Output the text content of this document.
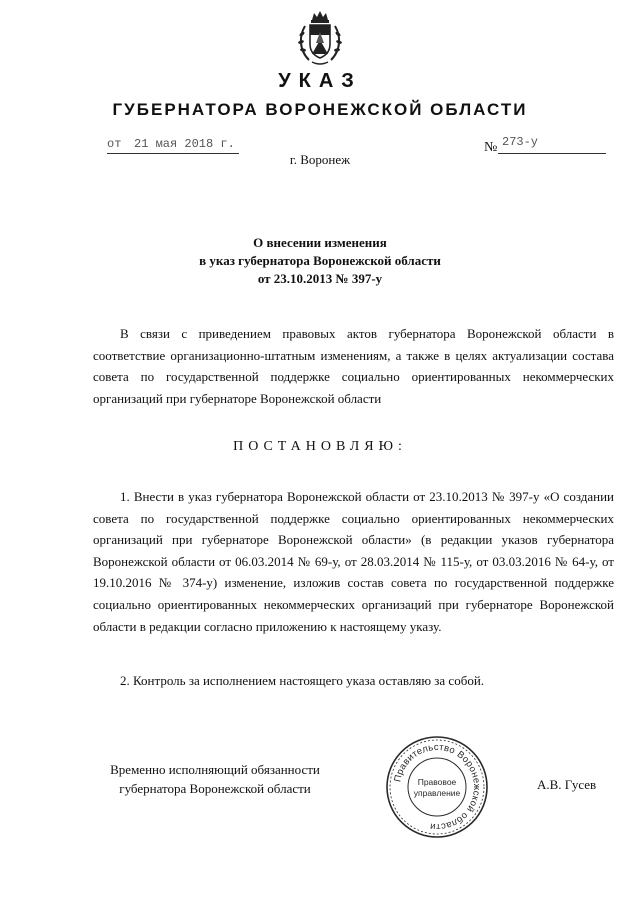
УКАЗ
ГУБЕРНАТОРА ВОРОНЕЖСКОЙ ОБЛАСТИ
от 21 мая 2018 г.	№ 273-у
г. Воронеж
О внесении изменения
в указ губернатора Воронежской области
от 23.10.2013 № 397-у
В связи с приведением правовых актов губернатора Воронежской области в соответствие организационно-штатным изменениям, а также в целях актуализации состава совета по государственной поддержке социально ориентированных некоммерческих организаций при губернаторе Воронежской области
ПОСТАНОВЛЯЮ:
1. Внести в указ губернатора Воронежской области от 23.10.2013 № 397-у «О создании совета по государственной поддержке социально ориентированных некоммерческих организаций при губернаторе Воронежской области» (в редакции указов губернатора Воронежской области от 06.03.2014 № 69-у, от 28.03.2014 № 115-у, от 03.03.2016 № 64-у, от 19.10.2016 № 374-у) изменение, изложив состав совета по государственной поддержке социально ориентированных некоммерческих организаций при губернаторе Воронежской области в редакции согласно приложению к настоящему указу.
2. Контроль за исполнением настоящего указа оставляю за собой.
Временно исполняющий обязанности
губернатора Воронежской области
Правительство Воронежской области
Правовое
управление
А.В. Гусев
